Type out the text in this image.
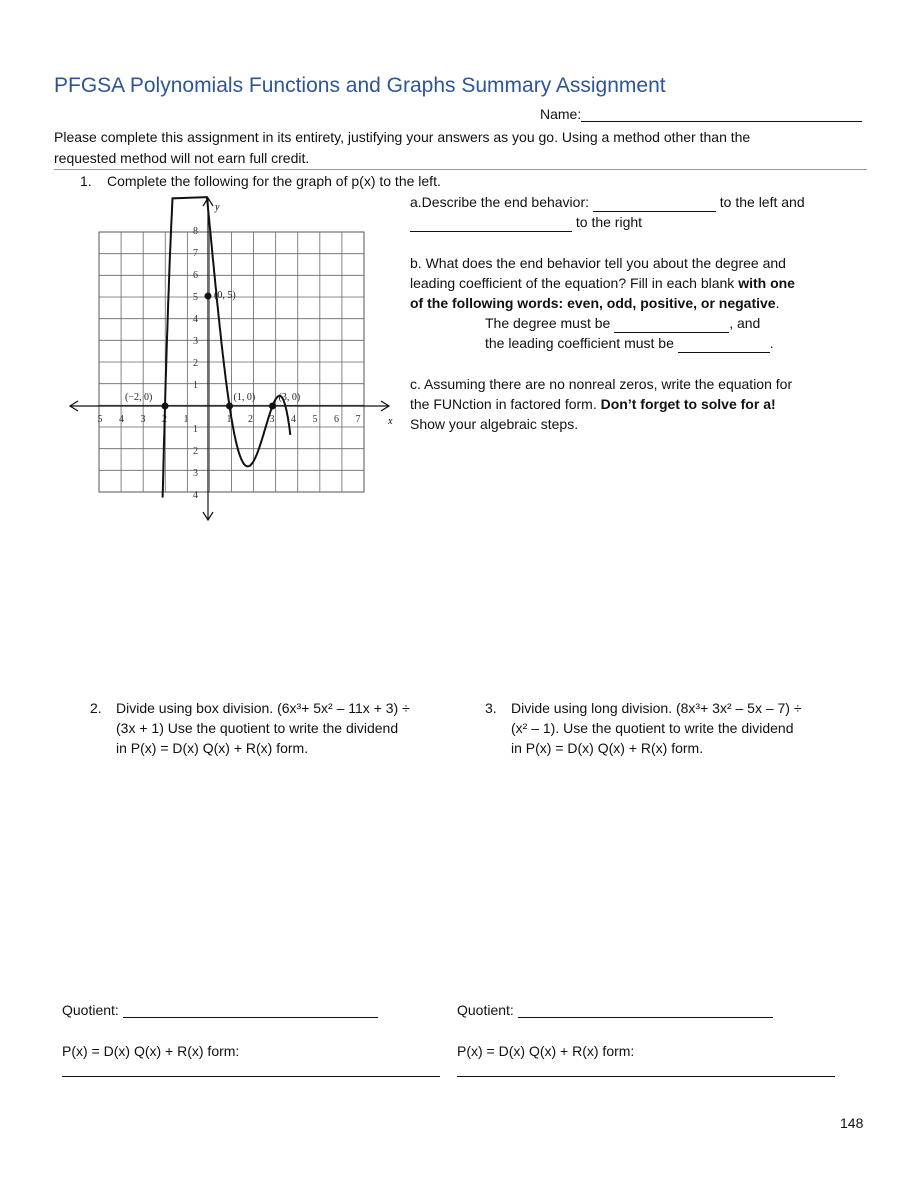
PFGSA Polynomials Functions and Graphs Summary Assignment
Name:
Please complete this assignment in its entirety, justifying your answers as you go. Using a method other than the
requested method will not earn full credit.
1. Complete the following for the graph of p(x) to the left.
y
x
5 4 3 2 1	1 2 3 4 5 6 7
8
7
6
5
4
3
2
1
1
2
3
4
(−2, 0)	(1, 0) (3, 0)
(0, 5)
a.Describe the end behavior:	to the left and
to the right
b. What does the end behavior tell you about the degree and
leading coefficient of the equation? Fill in each blank with one
of the following words: even, odd, positive, or negative.
The degree must be	, and
the leading coefficient must be	.
c. Assuming there are no nonreal zeros, write the equation for
the FUNction in factored form. Don’t forget to solve for a!
Show your algebraic steps.
2. Divide using box division. (6x³+ 5x² – 11x + 3) ÷
(3x + 1) Use the quotient to write the dividend
in P(x) = D(x) Q(x) + R(x) form.
3. Divide using long division. (8x³+ 3x² – 5x – 7) ÷
(x² – 1). Use the quotient to write the dividend
in P(x) = D(x) Q(x) + R(x) form.
Quotient:	Quotient:
P(x) = D(x) Q(x) + R(x) form:	P(x) = D(x) Q(x) + R(x) form:
148
